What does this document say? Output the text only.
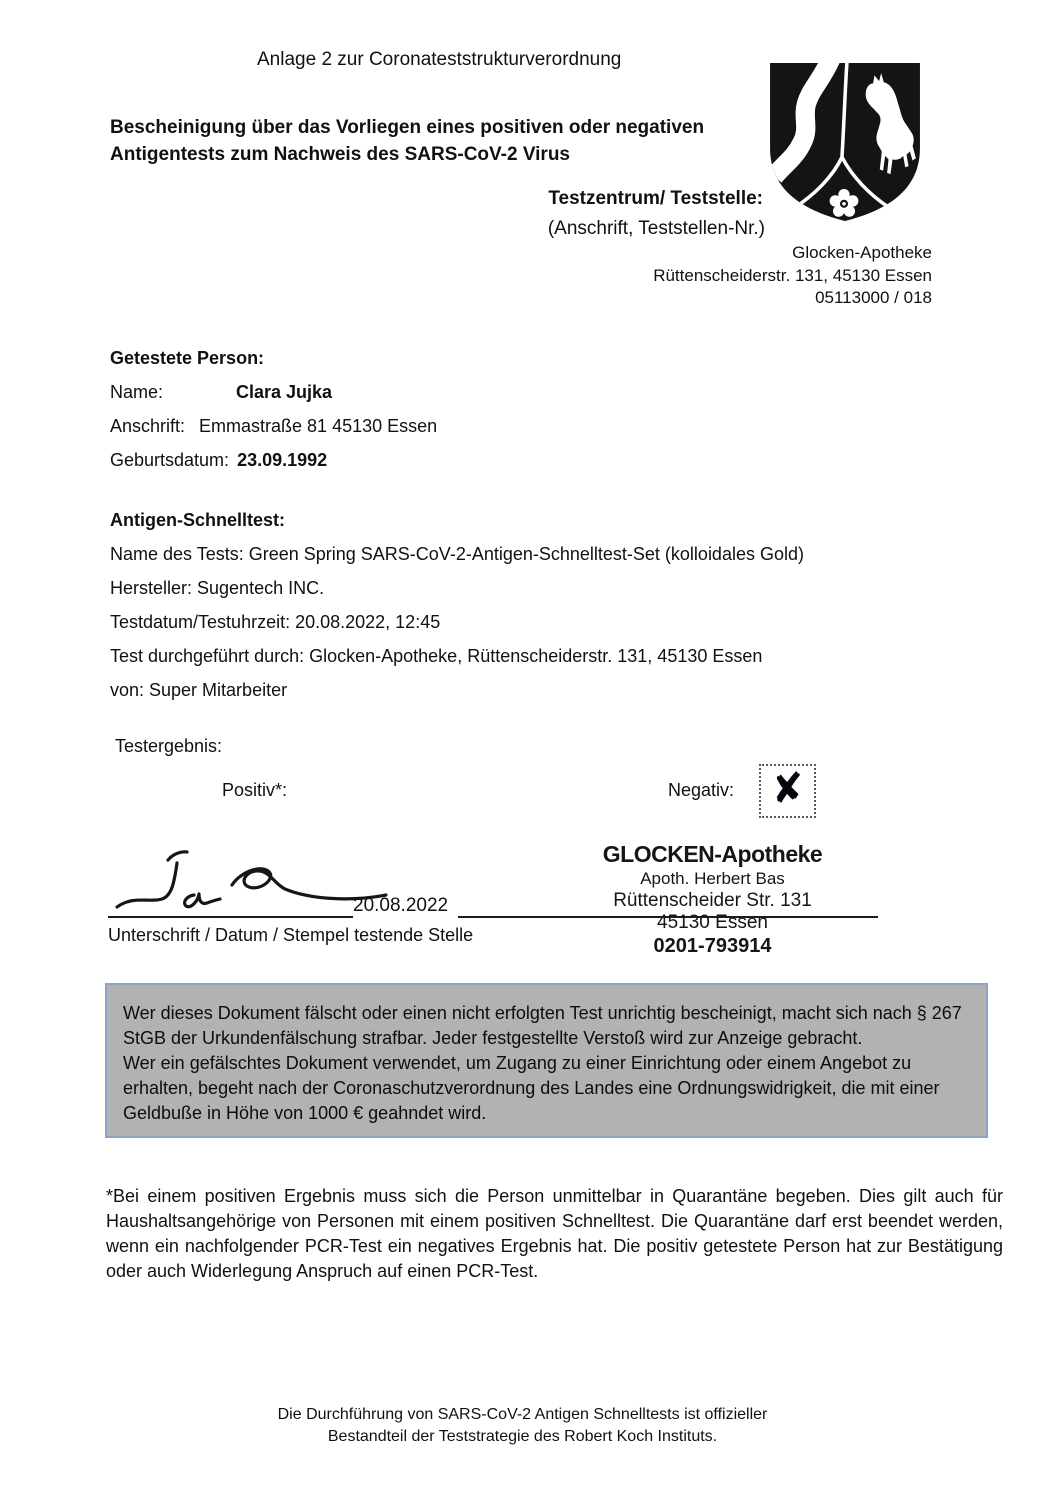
Anlage 2 zur Coronateststrukturverordnung
Bescheinigung über das Vorliegen eines positiven oder negativen Antigentests zum Nachweis des SARS-CoV-2 Virus
Testzentrum/ Teststelle:
(Anschrift, Teststellen-Nr.)
Glocken-Apotheke
Rüttenscheiderstr. 131, 45130 Essen
05113000 / 018
Getestete Person:
Name:	Clara Jujka
Anschrift: Emmastraße 81 45130 Essen
Geburtsdatum: 23.09.1992
Antigen-Schnelltest:
Name des Tests: Green Spring SARS-CoV-2-Antigen-Schnelltest-Set (kolloidales Gold)
Hersteller: Sugentech INC.
Testdatum/Testuhrzeit: 20.08.2022, 12:45
Test durchgeführt durch: Glocken-Apotheke, Rüttenscheiderstr. 131, 45130 Essen
von: Super Mitarbeiter
Testergebnis:
Positiv*:	Negativ: ✘
20.08.2022
Unterschrift / Datum / Stempel testende Stelle
GLOCKEN-Apotheke
Apoth. Herbert Bas
Rüttenscheider Str. 131
45130 Essen
0201-793914
Wer dieses Dokument fälscht oder einen nicht erfolgten Test unrichtig bescheinigt, macht sich nach § 267 StGB der Urkundenfälschung strafbar. Jeder festgestellte Verstoß wird zur Anzeige gebracht.
Wer ein gefälschtes Dokument verwendet, um Zugang zu einer Einrichtung oder einem Angebot zu erhalten, begeht nach der Coronaschutzverordnung des Landes eine Ordnungswidrigkeit, die mit einer Geldbuße in Höhe von 1000 € geahndet wird.
*Bei einem positiven Ergebnis muss sich die Person unmittelbar in Quarantäne begeben. Dies gilt auch für Haushaltsangehörige von Personen mit einem positiven Schnelltest. Die Quarantäne darf erst beendet werden, wenn ein nachfolgender PCR-Test ein negatives Ergebnis hat. Die positiv getestete Person hat zur Bestätigung oder auch Widerlegung Anspruch auf einen PCR-Test.
Die Durchführung von SARS-CoV-2 Antigen Schnelltests ist offizieller
Bestandteil der Teststrategie des Robert Koch Instituts.
